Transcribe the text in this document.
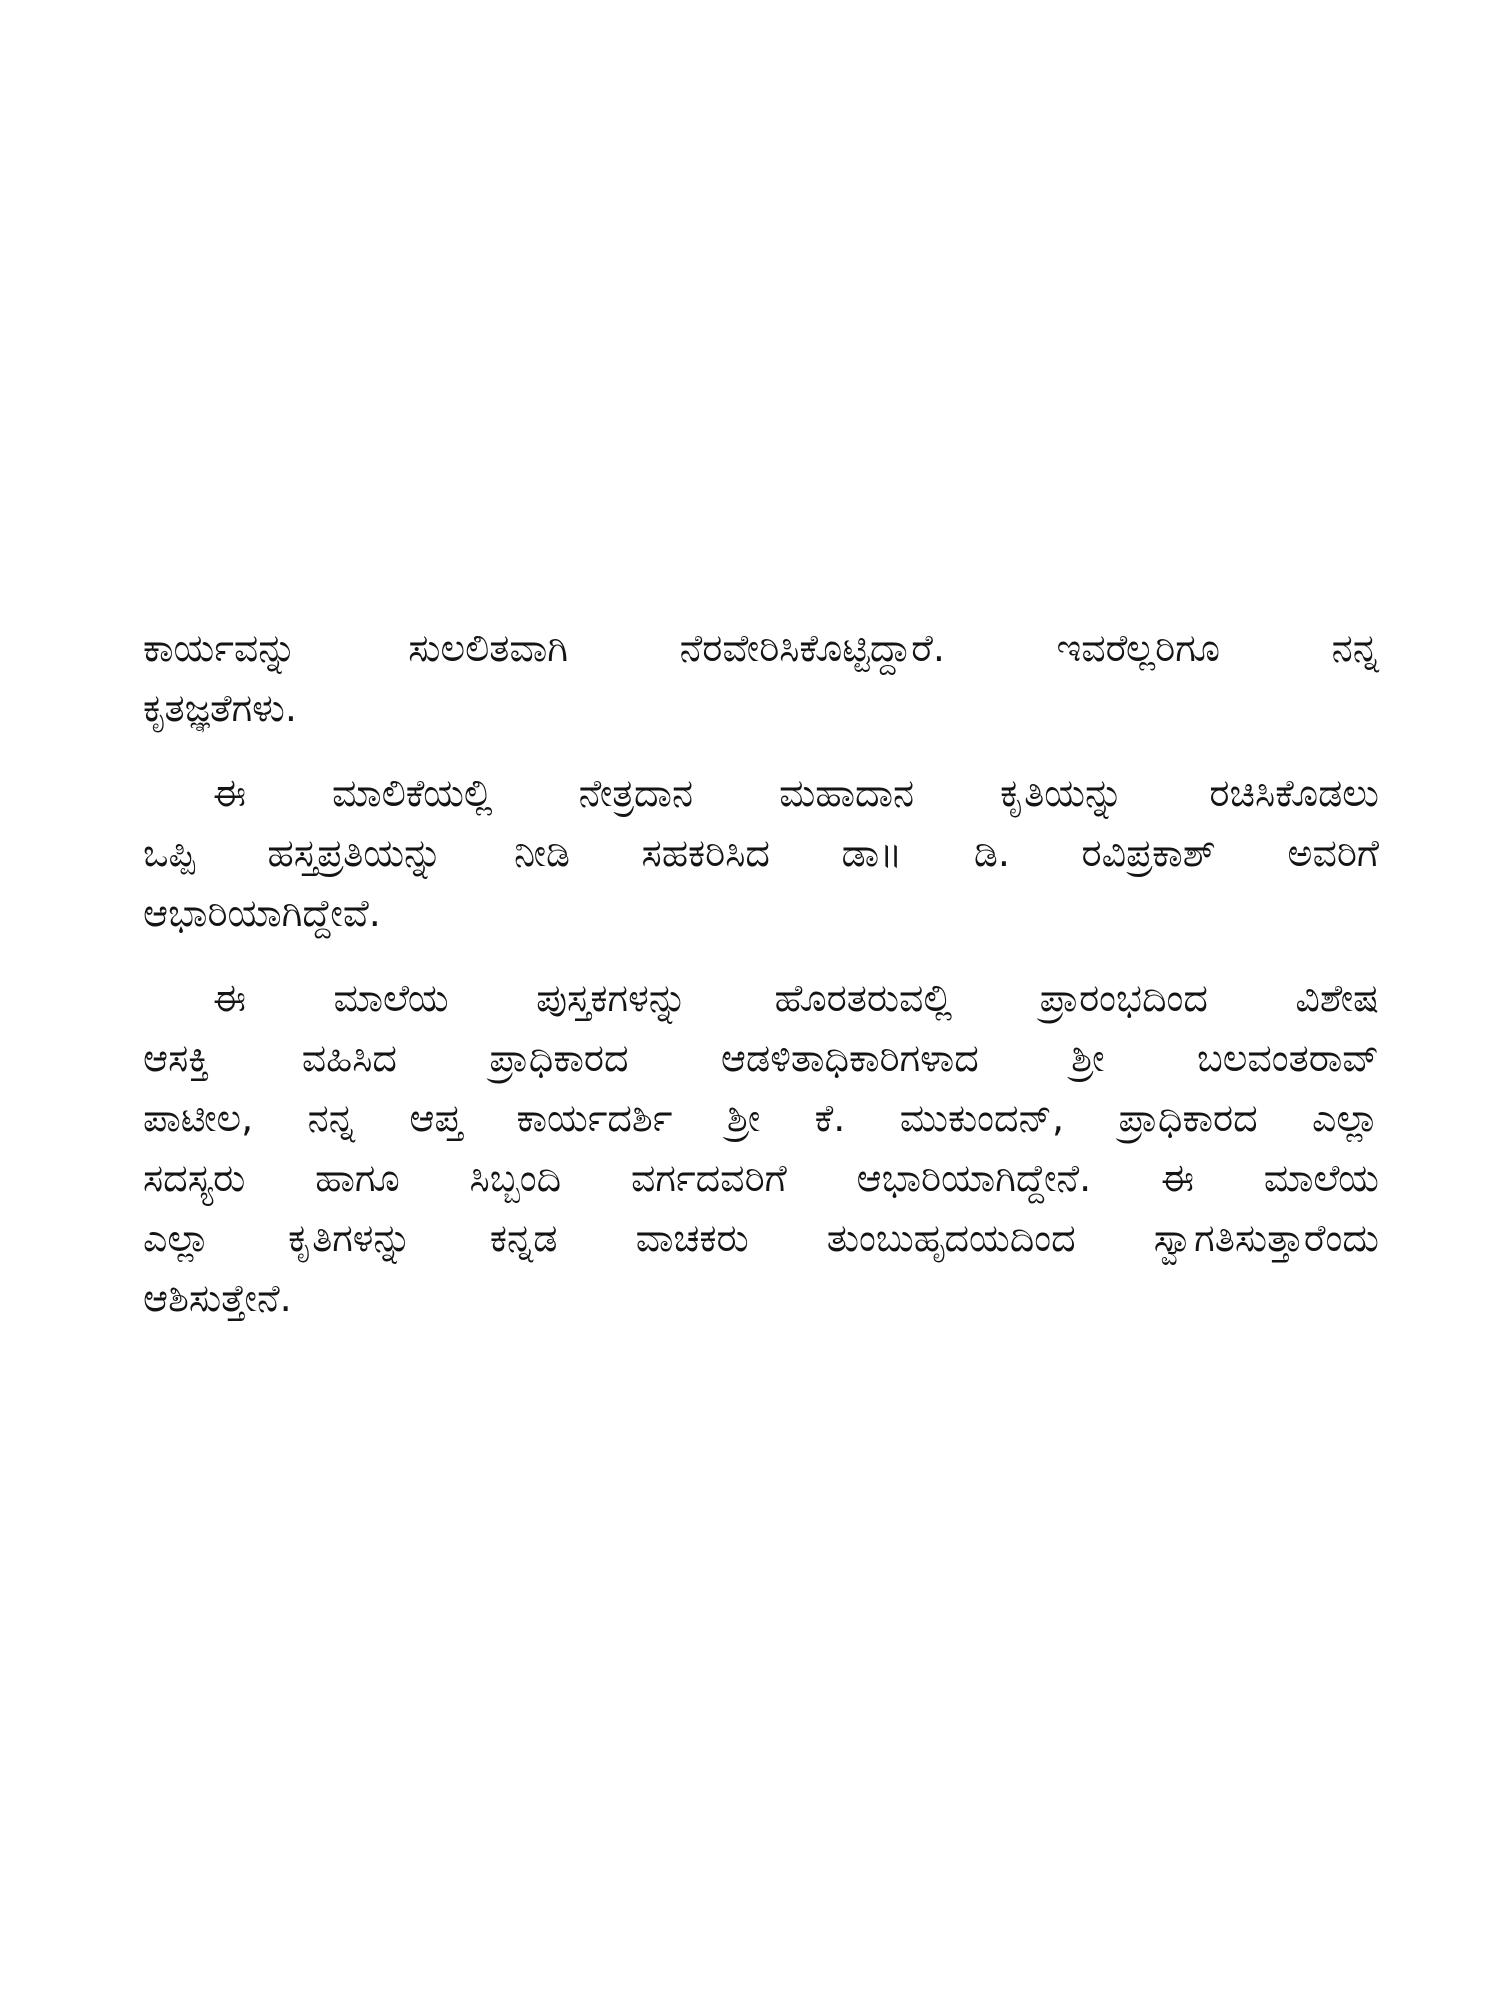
ಕಾರ್ಯವನ್ನು ಸುಲಲಿತವಾಗಿ ನೆರವೇರಿಸಿಕೊಟ್ಟಿದ್ದಾರೆ. ಇವರೆಲ್ಲರಿಗೂ ನನ್ನ
ಕೃತಜ್ಞತೆಗಳು.
ಈ ಮಾಲಿಕೆಯಲ್ಲಿ ನೇತ್ರದಾನ ಮಹಾದಾನ ಕೃತಿಯನ್ನು ರಚಿಸಿಕೊಡಲು
ಒಪ್ಪಿ ಹಸ್ತಪ್ರತಿಯನ್ನು ನೀಡಿ ಸಹಕರಿಸಿದ ಡಾ॥ ಡಿ. ರವಿಪ್ರಕಾಶ್ ಅವರಿಗೆ
ಆಭಾರಿಯಾಗಿದ್ದೇವೆ.
ಈ ಮಾಲೆಯ ಪುಸ್ತಕಗಳನ್ನು ಹೊರತರುವಲ್ಲಿ ಪ್ರಾರಂಭದಿಂದ ವಿಶೇಷ
ಆಸಕ್ತಿ ವಹಿಸಿದ ಪ್ರಾಧಿಕಾರದ ಆಡಳಿತಾಧಿಕಾರಿಗಳಾದ ಶ್ರೀ ಬಲವಂತರಾವ್
ಪಾಟೀಲ, ನನ್ನ ಆಪ್ತ ಕಾರ್ಯದರ್ಶಿ ಶ್ರೀ ಕೆ. ಮುಕುಂದನ್, ಪ್ರಾಧಿಕಾರದ ಎಲ್ಲಾ
ಸದಸ್ಯರು ಹಾಗೂ ಸಿಬ್ಬಂದಿ ವರ್ಗದವರಿಗೆ ಆಭಾರಿಯಾಗಿದ್ದೇನೆ. ಈ ಮಾಲೆಯ
ಎಲ್ಲಾ ಕೃತಿಗಳನ್ನು ಕನ್ನಡ ವಾಚಕರು ತುಂಬುಹೃದಯದಿಂದ ಸ್ವಾಗತಿಸುತ್ತಾರೆಂದು
ಆಶಿಸುತ್ತೇನೆ.
